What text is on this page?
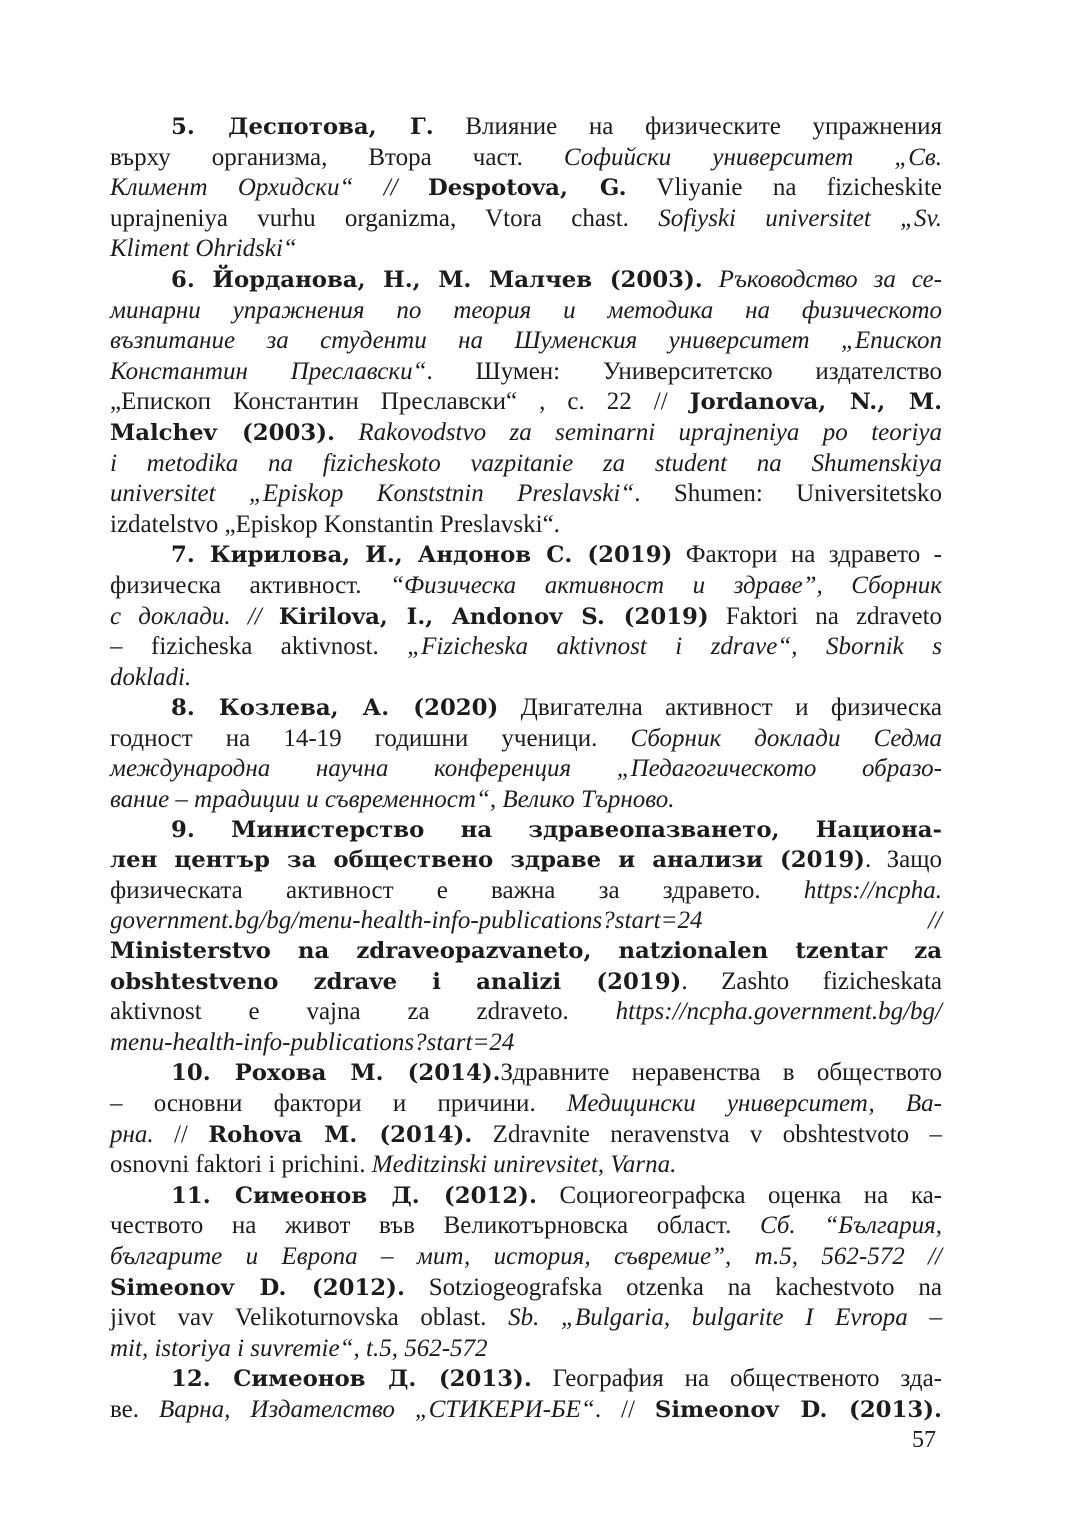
5. Деспотова, Г. Влияние на физическите упражнения
върху организма, Втора част. Софийски университет „Св.
Климент Орхидски“ // Despotova, G. Vliyanie na fizicheskite
uprajneniya vurhu organizma, Vtora chast. Sofiyski universitet „Sv.
Kliment Ohridski“
6. Йорданова, Н., М. Малчев (2003). Ръководство за се-
минарни упражнения по теория и методика на физическото
възпитание за студенти на Шуменския университет „Епископ
Константин Преславски“. Шумен: Университетско издателство
„Епископ Константин Преславски“ , с. 22 // Jordanova, N., M.
Malchev (2003). Rakovodstvo za seminarni uprajneniya po teoriya
i metodika na fizicheskoto vazpitanie za student na Shumenskiya
universitet „Episkop Konststnin Preslavski“. Shumen: Universitetsko
izdatelstvo „Episkop Konstantin Preslavski“.
7. Кирилова, И., Андонов С. (2019) Фактори на здравето -
физическа активност. “Физическа активност и здраве”, Сборник
с доклади. // Kirilova, I., Andonov S. (2019) Faktori na zdraveto
– fizicheska aktivnost. „Fizicheska aktivnost i zdrave“, Sbornik s
dokladi.
8. Козлева, А. (2020) Двигателна активност и физическа
годност на 14-19 годишни ученици. Сборник доклади Седма
международна научна конференция „Педагогическото образо-
вание – традиции и съвременност“, Велико Търново.
9. Министерство на здравеопазването, Национа-
лен център за обществено здраве и анализи (2019). Защо
физическата активност е важна за здравето. https://ncpha.
government.bg/bg/menu-health-info-publications?start=24 //
Ministerstvo na zdraveopazvaneto, natzionalen tzentar za
obshtestveno zdrave i analizi (2019). Zashto fizicheskata
aktivnost e vajna za zdraveto. https://ncpha.government.bg/bg/
menu-health-info-publications?start=24
10. Рохова М. (2014).Здравните неравенства в обществото
– основни фактори и причини. Медицински университет, Ва-
рна. // Rohova M. (2014). Zdravnite neravenstva v obshtestvoto –
osnovni faktori i prichini. Meditzinski unirevsitet, Varna.
11. Симеонов Д. (2012). Социогеографска оценка на ка-
чеството на живот във Великотърновска област. Сб. “България,
българите и Европа – мит, история, съвремие”, т.5, 562-572 //
Simeonov D. (2012). Sotziogeografska otzenka na kachestvoto na
jivot vav Velikoturnovska oblast. Sb. „Bulgaria, bulgarite I Evropa –
mit, istoriya i suvremie“, t.5, 562-572
12. Симеонов Д. (2013). География на общественото зда-
ве. Варна, Издателство „СТИКЕРИ-БЕ“. // Simeonov D. (2013).
57
